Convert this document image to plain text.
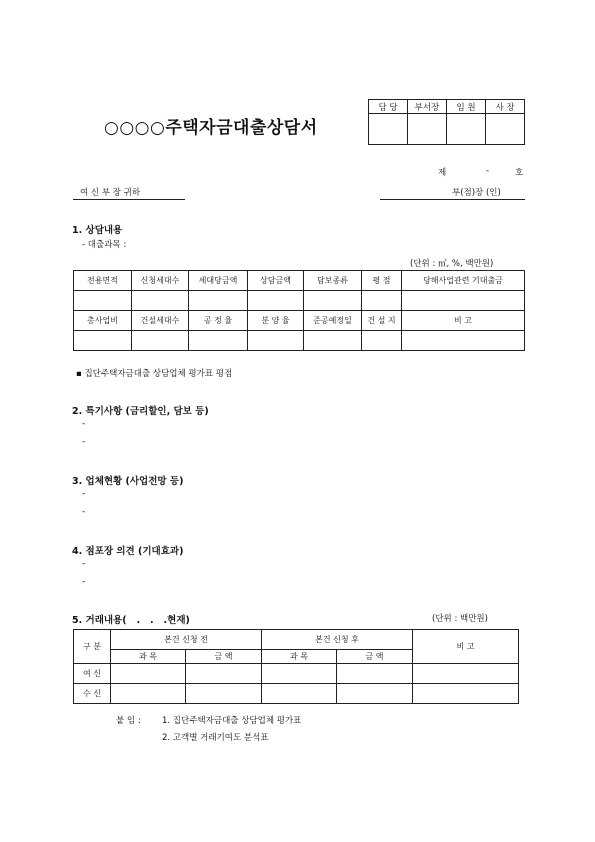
○○○○주택자금대출상담서
담 당	부서장	임 원	사 장

제	-	호
여 신 부 장 귀하	부(점)장 (인)
1. 상담내용
- 대출과목 :
(단위 : ㎡, %, 백만원)
전용면적	신청세대수	세대당금액	상담금액	담보종류	평 점	당해사업관련 기대출금

총사업비	건설세대수	공 정 율	분 양 율	준공예정일	건 설 지	비 고

▪ 집단주택자금대출 상담업체 평가표 평점
2. 특기사항 (금리할인, 담보 등)
-
-
3. 업체현황 (사업전망 등)
-
-
4. 점포장 의견 (기대효과)
-
-
5. 거래내용(   .   .   .현재)	(단위 : 백만원)
구 분	본건 신청 전		본건 신청 후		비 고
	과 목	금 액	과 목	금 액	
여 신					
수 신					
붙 임 :	1. 집단주택자금대출 상담업체 평가표
2. 고객별 거래기여도 분석표
